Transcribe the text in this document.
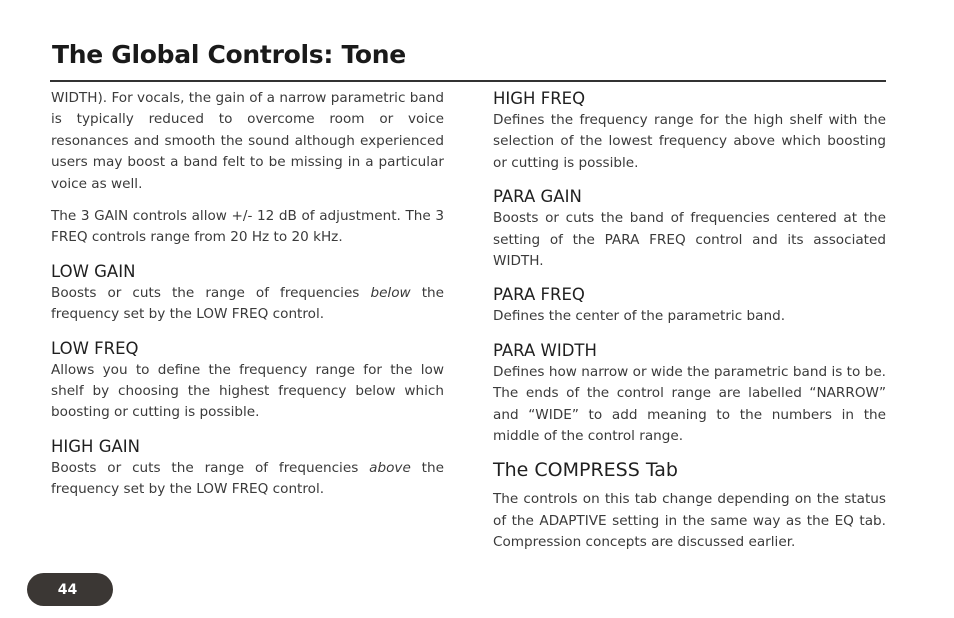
The Global Controls: Tone

WIDTH). For vocals, the gain of a narrow parametric band is typically reduced to overcome room or voice resonances and smooth the sound although experienced users may boost a band felt to be missing in a particular voice as well.

The 3 GAIN controls allow +/- 12 dB of adjustment. The 3 FREQ controls range from 20 Hz to 20 kHz.

LOW GAIN

Boosts or cuts the range of frequencies below the frequency set by the LOW FREQ control.

LOW FREQ

Allows you to define the frequency range for the low shelf by choosing the highest frequency below which boosting or cutting is possible.

HIGH GAIN

Boosts or cuts the range of frequencies above the frequency set by the LOW FREQ control.

HIGH FREQ

Defines the frequency range for the high shelf with the selection of the lowest frequency above which boosting or cutting is possible.

PARA GAIN

Boosts or cuts the band of frequencies centered at the setting of the PARA FREQ control and its associated WIDTH.

PARA FREQ

Defines the center of the parametric band.

PARA WIDTH

Defines how narrow or wide the parametric band is to be. The ends of the control range are labelled “NARROW” and “WIDE” to add meaning to the numbers in the middle of the control range.

The COMPRESS Tab

The controls on this tab change depending on the status of the ADAPTIVE setting in the same way as the EQ tab. Compression concepts are discussed earlier.

44
